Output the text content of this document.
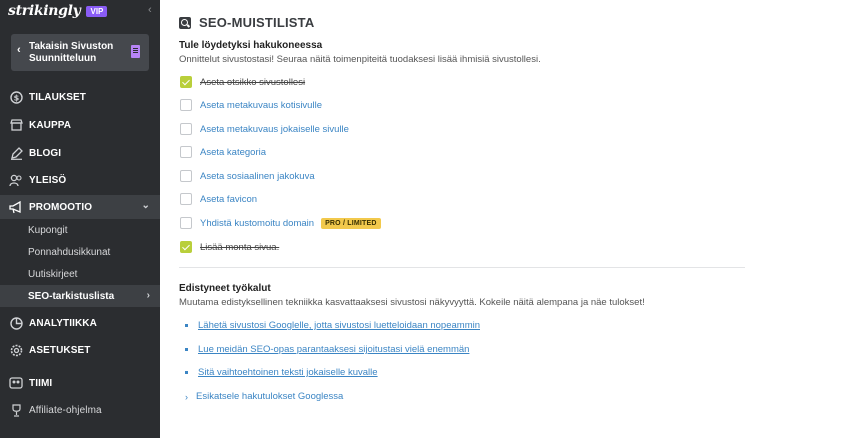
strikingly	VIP	‹
‹ Takaisin Sivuston Suunnitteluun
$ TILAUKSET
KAUPPA
BLOGI
YLEISÖ
PROMOOTIO	⌄
Kupongit
Ponnahdusikkunat
Uutiskirjeet
SEO-tarkistuslista	›
ANALYTIIKKA
ASETUKSET
TIIMI
Affiliate-ohjelma
SEO-MUISTILISTA
Tule löydetyksi hakukoneessa
Onnittelut sivustostasi! Seuraa näitä toimenpiteitä tuodaksesi lisää ihmisiä sivustollesi.
Aseta otsikko sivustollesi
Aseta metakuvaus kotisivulle
Aseta metakuvaus jokaiselle sivulle
Aseta kategoria
Aseta sosiaalinen jakokuva
Aseta favicon
Yhdistä kustomoitu domain	PRO / LIMITED
Lisää monta sivua.
Edistyneet työkalut
Muutama edistyksellinen tekniikka kasvattaaksesi sivustosi näkyvyyttä. Kokeile näitä alempana ja näe tulokset!
Lähetä sivustosi Googlelle, jotta sivustosi luetteloidaan nopeammin
Lue meidän SEO-opas parantaaksesi sijoitustasi vielä enemmän
Sitä vaihtoehtoinen teksti jokaiselle kuvalle
› Esikatsele hakutulokset Googlessa
